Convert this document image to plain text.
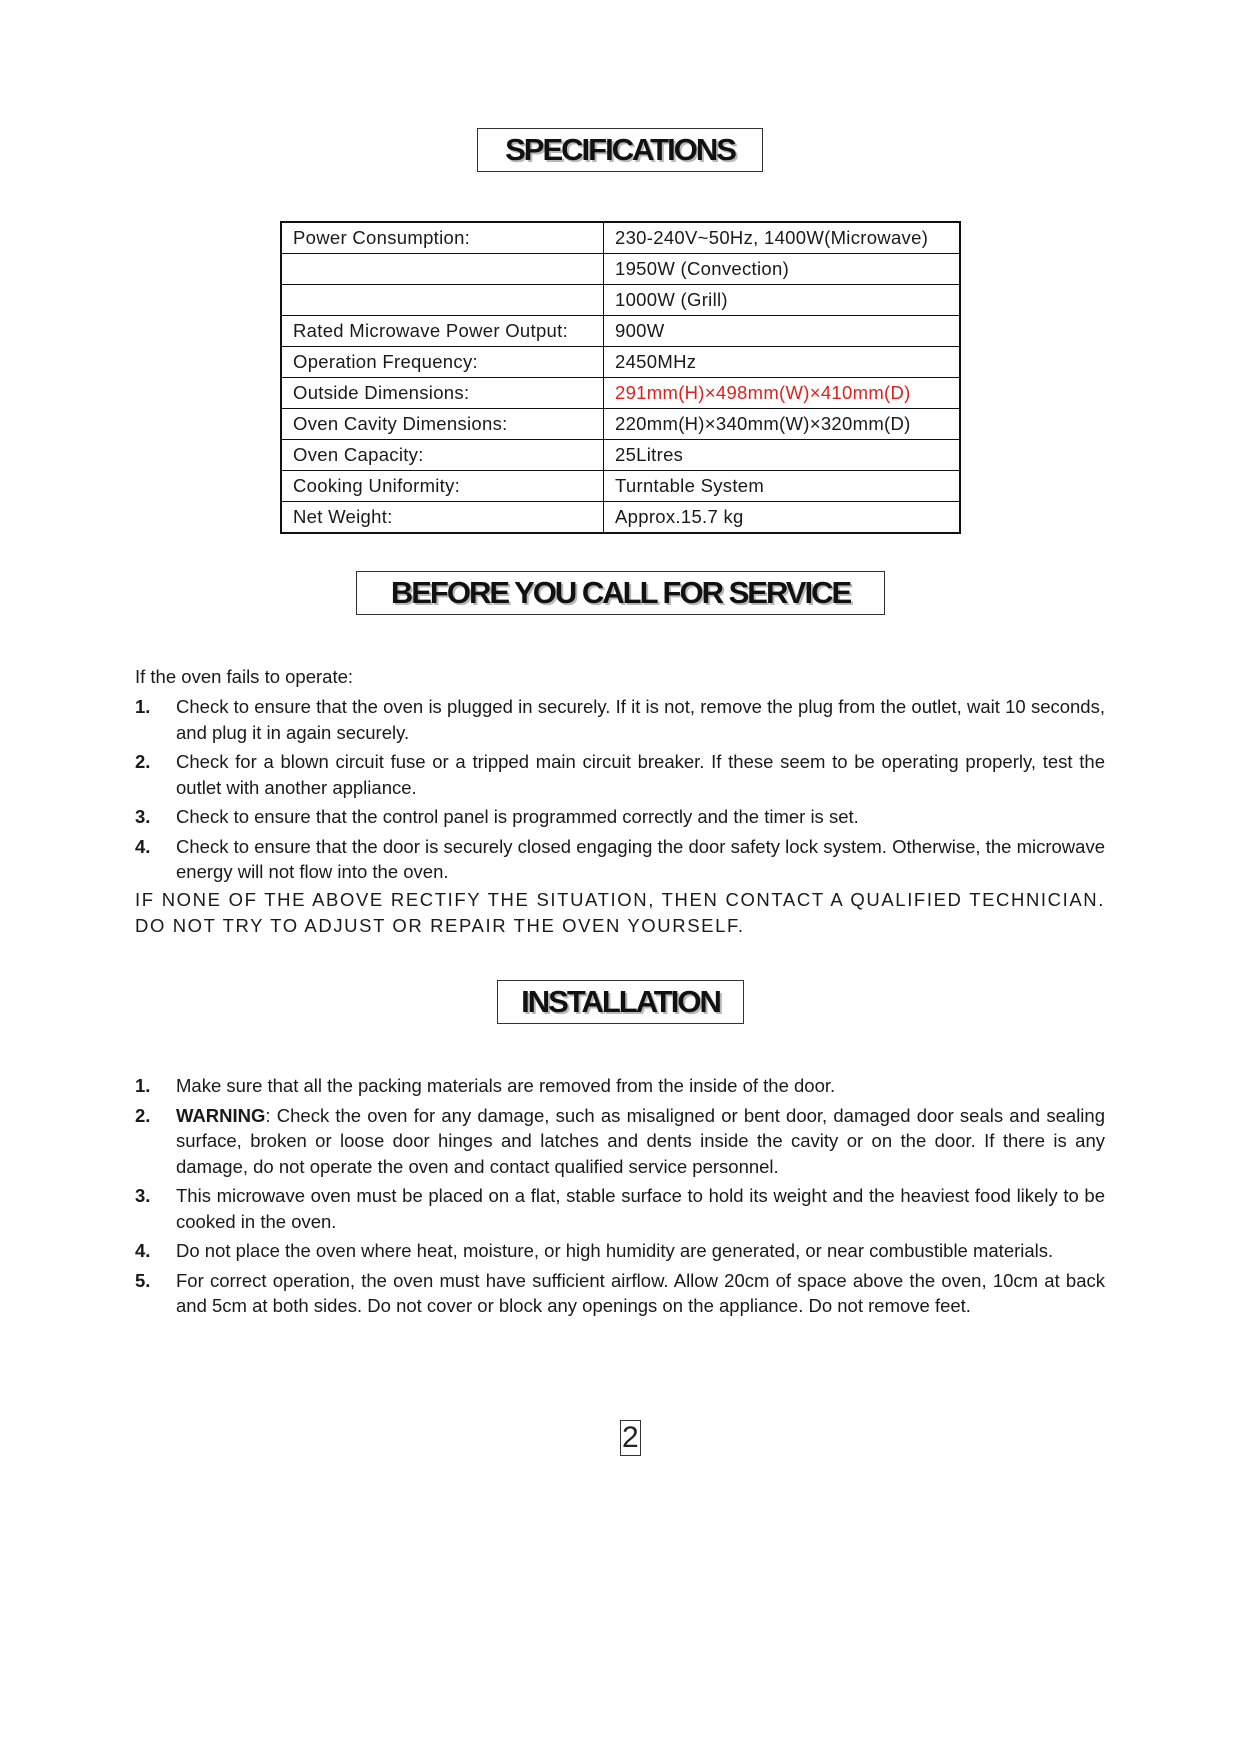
SPECIFICATIONS
Power Consumption:	230-240V~50Hz, 1400W(Microwave)
	1950W (Convection)
	1000W (Grill)
Rated Microwave Power Output:	900W
Operation Frequency:	2450MHz
Outside Dimensions:	291mm(H)×498mm(W)×410mm(D)
Oven Cavity Dimensions:	220mm(H)×340mm(W)×320mm(D)
Oven Capacity:	25Litres
Cooking Uniformity:	Turntable System
Net Weight:	Approx.15.7 kg
BEFORE YOU CALL FOR SERVICE
If the oven fails to operate:
1. Check to ensure that the oven is plugged in securely. If it is not, remove the plug from the outlet, wait 10 seconds, and plug it in again securely.
2. Check for a blown circuit fuse or a tripped main circuit breaker. If these seem to be operating properly, test the outlet with another appliance.
3. Check to ensure that the control panel is programmed correctly and the timer is set.
4. Check to ensure that the door is securely closed engaging the door safety lock system. Otherwise, the microwave energy will not flow into the oven.
IF NONE OF THE ABOVE RECTIFY THE SITUATION, THEN CONTACT A QUALIFIED TECHNICIAN. DO NOT TRY TO ADJUST OR REPAIR THE OVEN YOURSELF.
INSTALLATION
1. Make sure that all the packing materials are removed from the inside of the door.
2. WARNING: Check the oven for any damage, such as misaligned or bent door, damaged door seals and sealing surface, broken or loose door hinges and latches and dents inside the cavity or on the door. If there is any damage, do not operate the oven and contact qualified service personnel.
3. This microwave oven must be placed on a flat, stable surface to hold its weight and the heaviest food likely to be cooked in the oven.
4. Do not place the oven where heat, moisture, or high humidity are generated, or near combustible materials.
5. For correct operation, the oven must have sufficient airflow. Allow 20cm of space above the oven, 10cm at back and 5cm at both sides. Do not cover or block any openings on the appliance. Do not remove feet.
2
